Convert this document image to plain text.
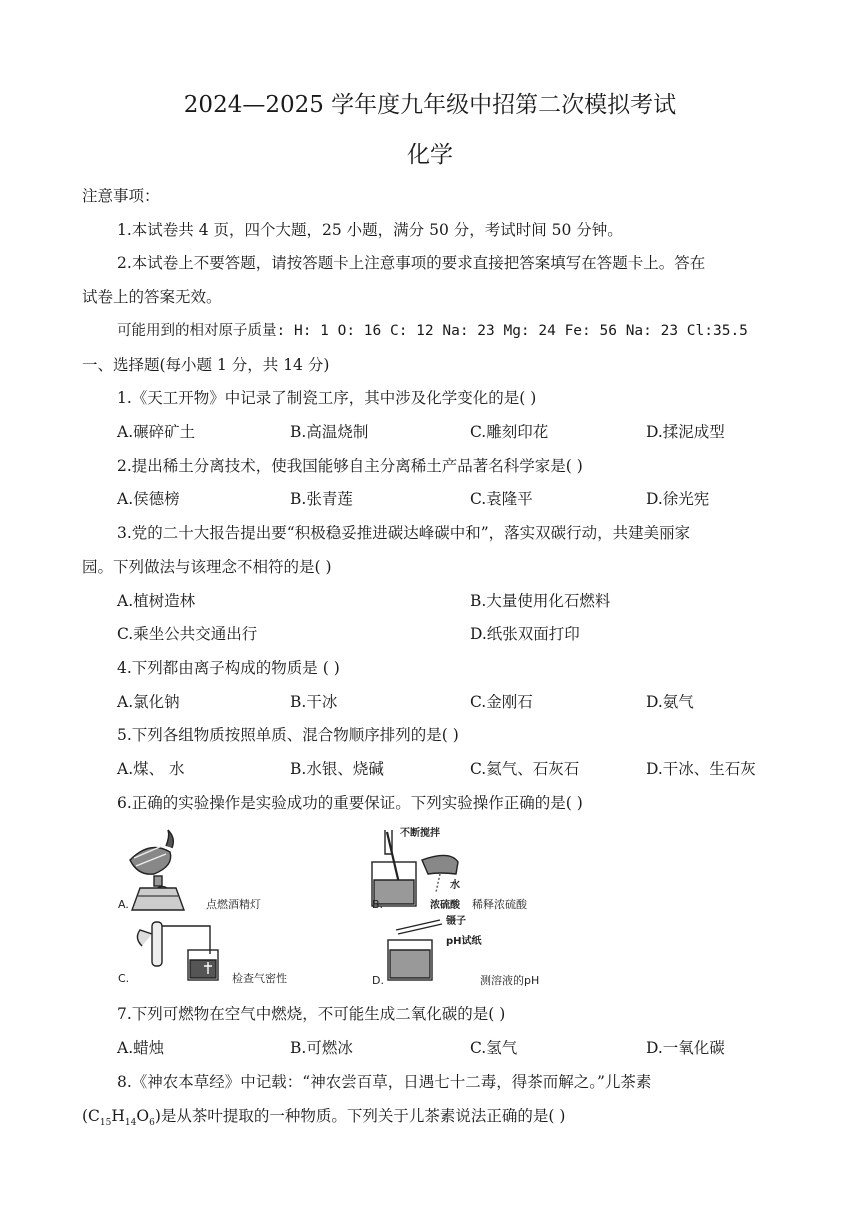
2024—2025 学年度九年级中招第二次模拟考试
化学
注意事项：
1.本试卷共 4 页，四个大题，25 小题，满分 50 分，考试时间 50 分钟。
2.本试卷上不要答题，请按答题卡上注意事项的要求直接把答案填写在答题卡上。答在
试卷上的答案无效。
可能用到的相对原子质量: H: 1 O: 16 C: 12 Na: 23 Mg: 24 Fe: 56 Na: 23 Cl:35.5
一、选择题(每小题 1 分，共 14 分)
1.《天工开物》中记录了制瓷工序，其中涉及化学变化的是( )
A.碾碎矿土	B.高温烧制	C.雕刻印花	D.揉泥成型
2.提出稀土分离技术，使我国能够自主分离稀土产品著名科学家是( )
A.侯德榜	B.张青莲	C.袁隆平	D.徐光宪
3.党的二十大报告提出要“积极稳妥推进碳达峰碳中和”，落实双碳行动，共建美丽家
园。下列做法与该理念不相符的是( )
A.植树造林	B.大量使用化石燃料
C.乘坐公共交通出行	D.纸张双面打印
4.下列都由离子构成的物质是 ( )
A.氯化钠	B.干冰	C.金刚石	D.氨气
5.下列各组物质按照单质、混合物顺序排列的是( )
A.煤、 水	B.水银、烧碱	C.氦气、石灰石	D.干冰、生石灰
6.正确的实验操作是实验成功的重要保证。下列实验操作正确的是( )
A.	点燃酒精灯	B.
不断搅拌
水
浓硫酸 稀释浓硫酸
C.	检查气密性	D.
镊子
pH试纸
测溶液的pH
7.下列可燃物在空气中燃烧，不可能生成二氧化碳的是( )
A.蜡烛	B.可燃冰	C.氢气	D.一氧化碳
8.《神农本草经》中记载：“神农尝百草，日遇七十二毒，得茶而解之。”儿茶素
$(C_{15}H_{14}O_6)$是从茶叶提取的一种物质。下列关于儿茶素说法正确的是( )
